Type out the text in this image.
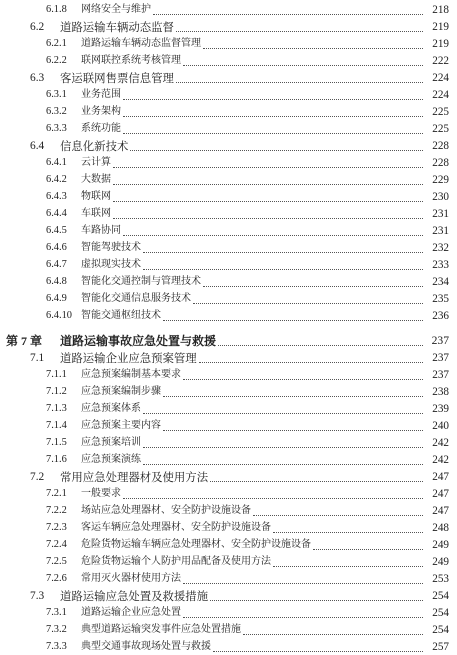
6.1.8 网络安全与维护	218
6.2 道路运输车辆动态监督	219
6.2.1 道路运输车辆动态监督管理	219
6.2.2 联网联控系统考核管理	222
6.3 客运联网售票信息管理	224
6.3.1 业务范围	224
6.3.2 业务架构	225
6.3.3 系统功能	225
6.4 信息化新技术	228
6.4.1 云计算	228
6.4.2 大数据	229
6.4.3 物联网	230
6.4.4 车联网	231
6.4.5 车路协同	231
6.4.6 智能驾驶技术	232
6.4.7 虚拟现实技术	233
6.4.8 智能化交通控制与管理技术	234
6.4.9 智能化交通信息服务技术	235
6.4.10 智能交通枢纽技术	236
第 7 章 道路运输事故应急处置与救援	237
7.1 道路运输企业应急预案管理	237
7.1.1 应急预案编制基本要求	237
7.1.2 应急预案编制步骤	238
7.1.3 应急预案体系	239
7.1.4 应急预案主要内容	240
7.1.5 应急预案培训	242
7.1.6 应急预案演练	242
7.2 常用应急处理器材及使用方法	247
7.2.1 一般要求	247
7.2.2 场站应急处理器材、安全防护设施设备	247
7.2.3 客运车辆应急处理器材、安全防护设施设备	248
7.2.4 危险货物运输车辆应急处理器材、安全防护设施设备	249
7.2.5 危险货物运输个人防护用品配备及使用方法	249
7.2.6 常用灭火器材使用方法	253
7.3 道路运输应急处置及救援措施	254
7.3.1 道路运输企业应急处置	254
7.3.2 典型道路运输突发事件应急处置措施	254
7.3.3 典型交通事故现场处置与救援	257
